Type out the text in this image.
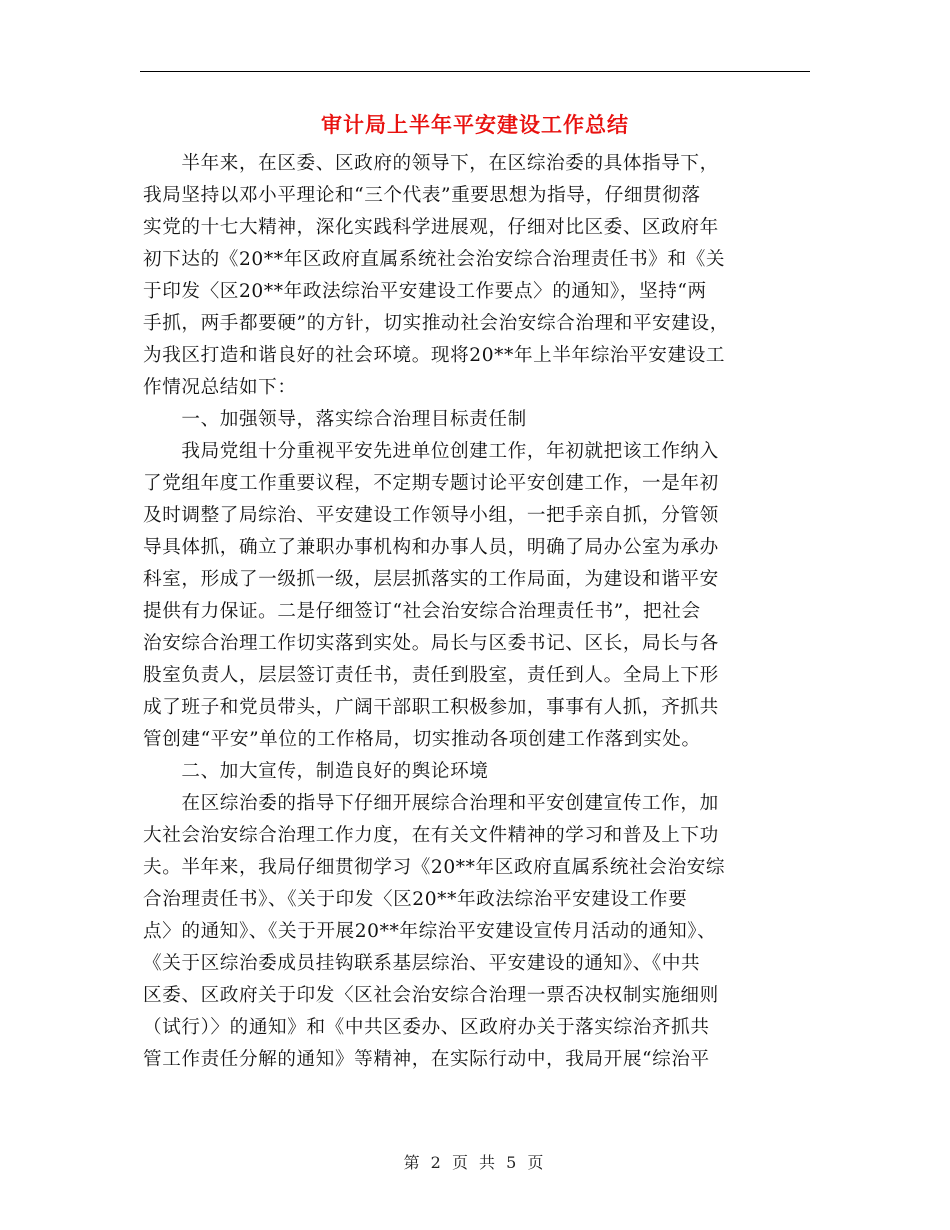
审计局上半年平安建设工作总结
　　半年来，在区委、区政府的领导下，在区综治委的具体指导下，
我局坚持以邓小平理论和“三个代表”重要思想为指导，仔细贯彻落
实党的十七大精神，深化实践科学进展观，仔细对比区委、区政府年
初下达的《20**年区政府直属系统社会治安综合治理责任书》和《关
于印发〈区20**年政法综治平安建设工作要点〉的通知》，坚持“两
手抓，两手都要硬”的方针，切实推动社会治安综合治理和平安建设，
为我区打造和谐良好的社会环境。现将20**年上半年综治平安建设工
作情况总结如下：
　　一、加强领导，落实综合治理目标责任制
　　我局党组十分重视平安先进单位创建工作，年初就把该工作纳入
了党组年度工作重要议程，不定期专题讨论平安创建工作，一是年初
及时调整了局综治、平安建设工作领导小组，一把手亲自抓，分管领
导具体抓，确立了兼职办事机构和办事人员，明确了局办公室为承办
科室，形成了一级抓一级，层层抓落实的工作局面，为建设和谐平安
提供有力保证。二是仔细签订“社会治安综合治理责任书”，把社会
治安综合治理工作切实落到实处。局长与区委书记、区长，局长与各
股室负责人，层层签订责任书，责任到股室，责任到人。全局上下形
成了班子和党员带头，广阔干部职工积极参加，事事有人抓，齐抓共
管创建“平安”单位的工作格局，切实推动各项创建工作落到实处。
　　二、加大宣传，制造良好的舆论环境
　　在区综治委的指导下仔细开展综合治理和平安创建宣传工作，加
大社会治安综合治理工作力度，在有关文件精神的学习和普及上下功
夫。半年来，我局仔细贯彻学习《20**年区政府直属系统社会治安综
合治理责任书》、《关于印发〈区20**年政法综治平安建设工作要
点〉的通知》、《关于开展20**年综治平安建设宣传月活动的通知》、
《关于区综治委成员挂钩联系基层综治、平安建设的通知》、《中共
区委、区政府关于印发〈区社会治安综合治理一票否决权制实施细则
（试行）〉的通知》和《中共区委办、区政府办关于落实综治齐抓共
管工作责任分解的通知》等精神，在实际行动中，我局开展“综治平
第 2 页 共 5 页
